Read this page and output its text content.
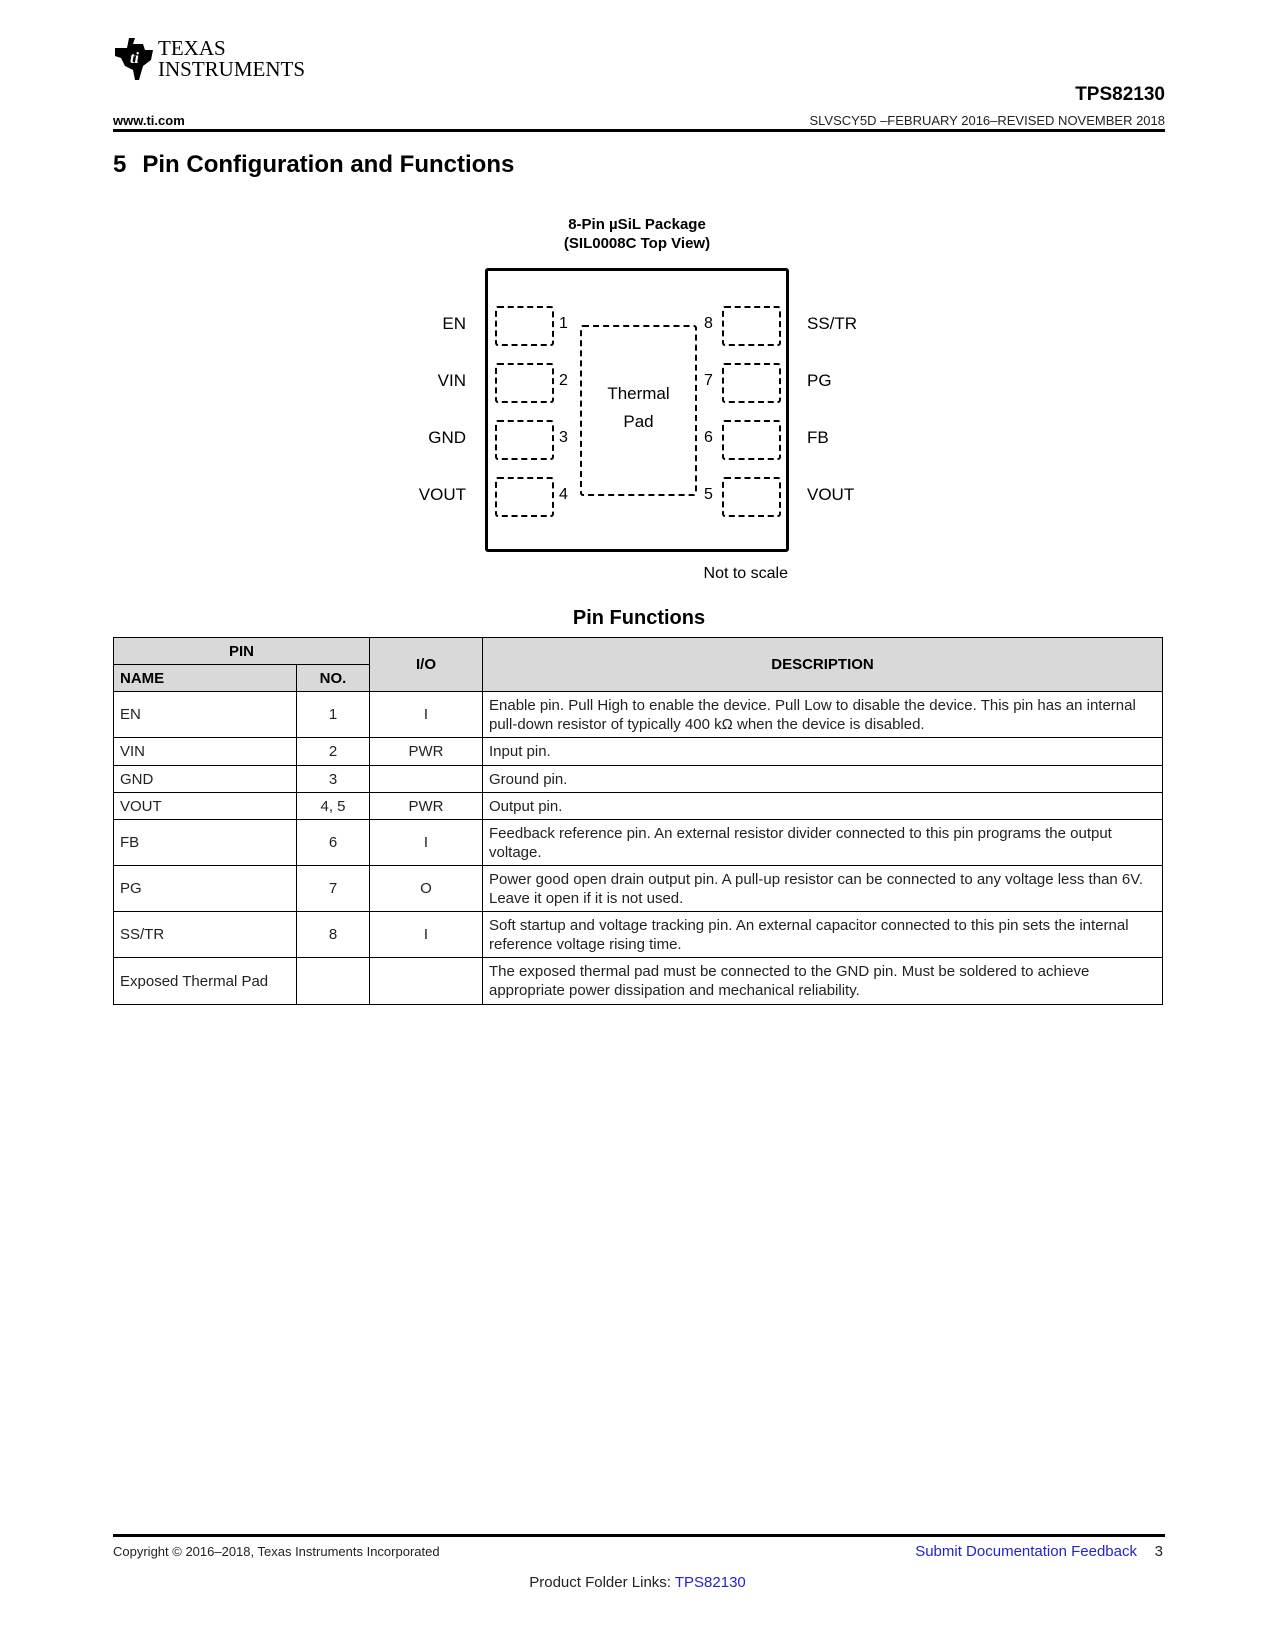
ti TEXAS
INSTRUMENTS
TPS82130
www.ti.com	SLVSCY5D –FEBRUARY 2016–REVISED NOVEMBER 2018
5 Pin Configuration and Functions
8-Pin µSiL Package
(SIL0008C Top View)
Thermal
Pad
EN
VIN
GND
VOUT
1
2
3
4
8
7
6
5
SS/TR
PG
FB
VOUT
Not to scale
Pin Functions
PIN		I/O	DESCRIPTION
NAME	NO.		
EN	1	I	Enable pin. Pull High to enable the device. Pull Low to disable the device. This pin has an internal pull-down resistor of typically 400 kΩ when the device is disabled.
VIN	2	PWR	Input pin.
GND	3		Ground pin.
VOUT	4, 5	PWR	Output pin.
FB	6	I	Feedback reference pin. An external resistor divider connected to this pin programs the output voltage.
PG	7	O	Power good open drain output pin. A pull-up resistor can be connected to any voltage less than 6V. Leave it open if it is not used.
SS/TR	8	I	Soft startup and voltage tracking pin. An external capacitor connected to this pin sets the internal reference voltage rising time.
Exposed Thermal Pad			The exposed thermal pad must be connected to the GND pin. Must be soldered to achieve appropriate power dissipation and mechanical reliability.
Copyright © 2016–2018, Texas Instruments Incorporated	Submit Documentation Feedback 3
Product Folder Links: TPS82130
